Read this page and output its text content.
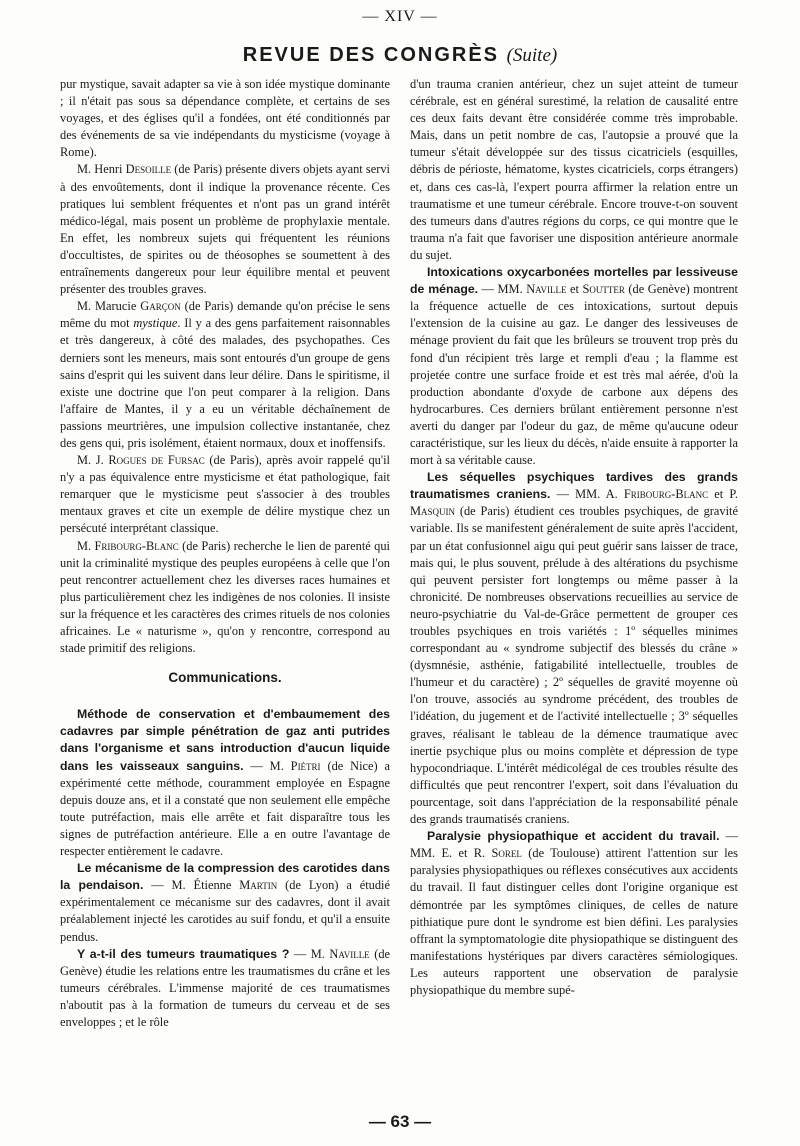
— XIV —
REVUE DES CONGRÈS (Suite)

pur mystique, savait adapter sa vie à son idée mystique dominante ; il n'était pas sous sa dépendance complète, et certains de ses voyages, et des églises qu'il a fondées, ont été conditionnés par des événements de sa vie indépendants du mysticisme (voyage à Rome).

M. Henri Desoille (de Paris) présente divers objets ayant servi à des envoûtements, dont il indique la provenance récente. Ces pratiques lui semblent fréquentes et n'ont pas un grand intérêt médico-légal, mais posent un problème de prophylaxie mentale. En effet, les nombreux sujets qui fréquentent les réunions d'occultistes, de spirites ou de théosophes se soumettent à des entraînements dangereux pour leur équilibre mental et peuvent présenter des troubles graves.

M. Marucie Garçon (de Paris) demande qu'on précise le sens même du mot mystique. Il y a des gens parfaitement raisonnables et très dangereux, à côté des malades, des psychopathes. Ces derniers sont les meneurs, mais sont entourés d'un groupe de gens sains d'esprit qui les suivent dans leur délire. Dans le spiritisme, il existe une doctrine que l'on peut comparer à la religion. Dans l'affaire de Mantes, il y a eu un véritable déchaînement de passions meurtrières, une impulsion collective instantanée, chez des gens qui, pris isolément, étaient normaux, doux et inoffensifs.

M. J. Rogues de Fursac (de Paris), après avoir rappelé qu'il n'y a pas équivalence entre mysticisme et état pathologique, fait remarquer que le mysticisme peut s'associer à des troubles mentaux graves et cite un exemple de délire mystique chez un persécuté interprétant classique.

M. Fribourg-Blanc (de Paris) recherche le lien de parenté qui unit la criminalité mystique des peuples européens à celle que l'on peut rencontrer actuellement chez les diverses races humaines et plus particulièrement chez les indigènes de nos colonies. Il insiste sur la fréquence et les caractères des crimes rituels de nos colonies africaines. Le « naturisme », qu'on y rencontre, correspond au stade primitif des religions.

Communications.

Méthode de conservation et d'embaumement des cadavres par simple pénétration de gaz anti putrides dans l'organisme et sans introduction d'aucun liquide dans les vaisseaux sanguins. — M. Piétri (de Nice) a expérimenté cette méthode, couramment employée en Espagne depuis douze ans, et il a constaté que non seulement elle empêche toute putréfaction, mais elle arrête et fait disparaître tous les signes de putréfaction antérieure. Elle a en outre l'avantage de respecter entièrement le cadavre.

Le mécanisme de la compression des carotides dans la pendaison. — M. Étienne Martin (de Lyon) a étudié expérimentalement ce mécanisme sur des cadavres, dont il avait préalablement injecté les carotides au suif fondu, et qu'il a ensuite pendus.

Y a-t-il des tumeurs traumatiques ? — M. Naville (de Genève) étudie les relations entre les traumatismes du crâne et les tumeurs cérébrales. L'immense majorité de ces traumatismes n'aboutit pas à la formation de tumeurs du cerveau et de ses enveloppes ; et le rôle

d'un trauma cranien antérieur, chez un sujet atteint de tumeur cérébrale, est en général surestimé, la relation de causalité entre ces deux faits devant être considérée comme très improbable. Mais, dans un petit nombre de cas, l'autopsie a prouvé que la tumeur s'était développée sur des tissus cicatriciels (esquilles, débris de périoste, hématome, kystes cicatriciels, corps étrangers) et, dans ces cas-là, l'expert pourra affirmer la relation entre un traumatisme et une tumeur cérébrale. Encore trouve-t-on souvent des tumeurs dans d'autres régions du corps, ce qui montre que le trauma n'a fait que favoriser une disposition antérieure anormale du sujet.

Intoxications oxycarbonées mortelles par lessiveuse de ménage. — MM. Naville et Soutter (de Genève) montrent la fréquence actuelle de ces intoxications, surtout depuis l'extension de la cuisine au gaz. Le danger des lessiveuses de ménage provient du fait que les brûleurs se trouvent trop près du fond d'un récipient très large et rempli d'eau ; la flamme est projetée contre une surface froide et est très mal aérée, d'où la production abondante d'oxyde de carbone aux dépens des hydrocarbures. Ces derniers brûlant entièrement personne n'est averti du danger par l'odeur du gaz, de même qu'aucune odeur caractéristique, sur les lieux du décès, n'aide ensuite à rapporter la mort à sa véritable cause.

Les séquelles psychiques tardives des grands traumatismes craniens. — MM. A. Fribourg-Blanc et P. Masquin (de Paris) étudient ces troubles psychiques, de gravité variable. Ils se manifestent généralement de suite après l'accident, par un état confusionnel aigu qui peut guérir sans laisser de trace, mais qui, le plus souvent, prélude à des altérations du psychisme qui peuvent persister fort longtemps ou même passer à la chronicité. De nombreuses observations recueillies au service de neuro-psychiatrie du Val-de-Grâce permettent de grouper ces troubles psychiques en trois variétés : 1º séquelles minimes correspondant au « syndrome subjectif des blessés du crâne » (dysmnésie, asthénie, fatigabilité intellectuelle, troubles de l'humeur et du caractère) ; 2º séquelles de gravité moyenne où l'on trouve, associés au syndrome précédent, des troubles de l'idéation, du jugement et de l'activité intellectuelle ; 3º séquelles graves, réalisant le tableau de la démence traumatique avec inertie psychique plus ou moins complète et dépression de type hypocondriaque. L'intérêt médicolégal de ces troubles résulte des difficultés que peut rencontrer l'expert, soit dans l'évaluation du pourcentage, soit dans l'appréciation de la responsabilité pénale des grands traumatisés craniens.

Paralysie physiopathique et accident du travail. — MM. E. et R. Sorel (de Toulouse) attirent l'attention sur les paralysies physiopathiques ou réflexes consécutives aux accidents du travail. Il faut distinguer celles dont l'origine organique est démontrée par les symptômes cliniques, de celles de nature pithiatique pure dont le syndrome est bien défini. Les paralysies offrant la symptomatologie dite physiopathique se distinguent des manifestations hystériques par divers caractères sémiologiques. Les auteurs rapportent une observation de paralysie physiopathique du membre supé-

— 63 —
